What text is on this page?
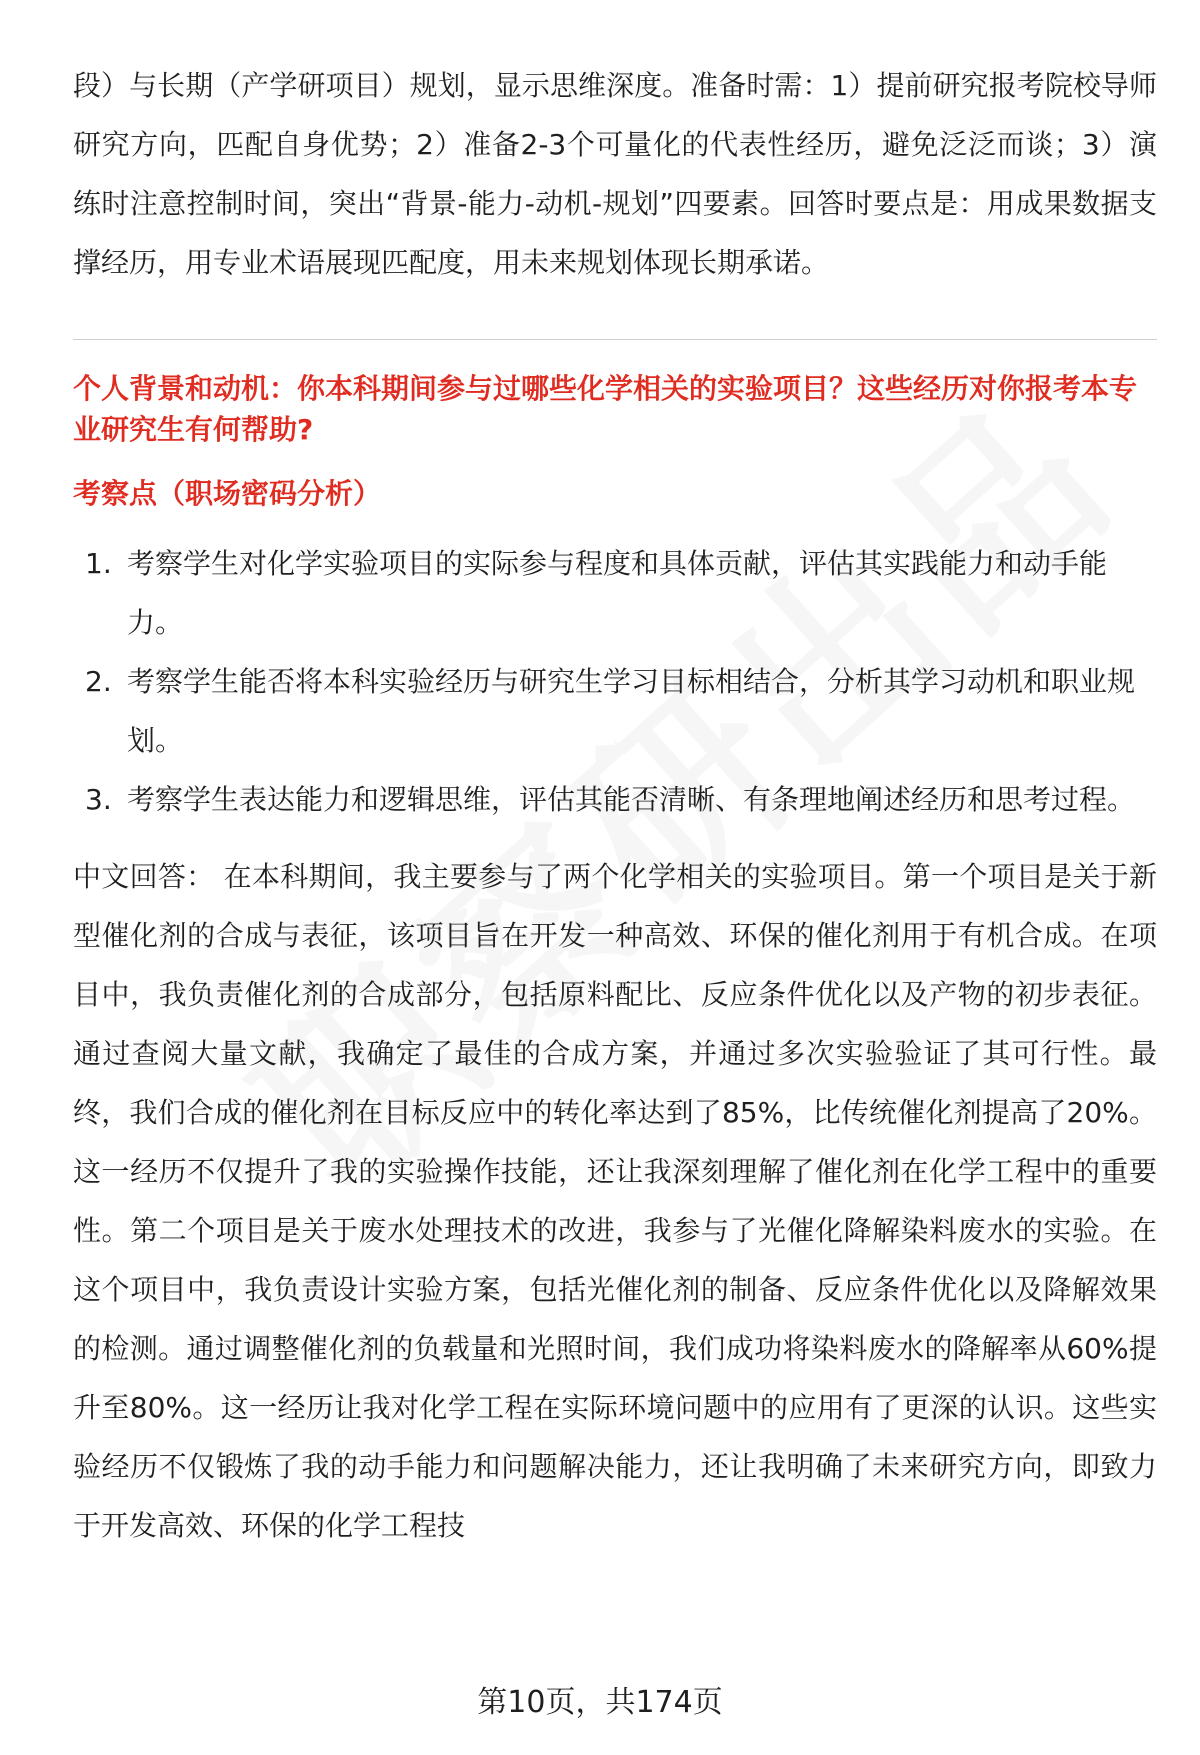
段）与长期（产学研项目）规划，显示思维深度。准备时需：1）提前研究报考院校导师研究方向，匹配自身优势；2）准备2-3个可量化的代表性经历，避免泛泛而谈；3）演练时注意控制时间，突出“背景-能力-动机-规划”四要素。回答时要点是：用成果数据支撑经历，用专业术语展现匹配度，用未来规划体现长期承诺。

个人背景和动机：你本科期间参与过哪些化学相关的实验项目？这些经历对你报考本专业研究生有何帮助?

考察点（职场密码分析）

1. 考察学生对化学实验项目的实际参与程度和具体贡献，评估其实践能力和动手能力。
2. 考察学生能否将本科实验经历与研究生学习目标相结合，分析其学习动机和职业规划。
3. 考察学生表达能力和逻辑思维，评估其能否清晰、有条理地阐述经历和思考过程。

中文回答： 在本科期间，我主要参与了两个化学相关的实验项目。第一个项目是关于新型催化剂的合成与表征，该项目旨在开发一种高效、环保的催化剂用于有机合成。在项目中，我负责催化剂的合成部分，包括原料配比、反应条件优化以及产物的初步表征。通过查阅大量文献，我确定了最佳的合成方案，并通过多次实验验证了其可行性。最终，我们合成的催化剂在目标反应中的转化率达到了85%，比传统催化剂提高了20%。这一经历不仅提升了我的实验操作技能，还让我深刻理解了催化剂在化学工程中的重要性。第二个项目是关于废水处理技术的改进，我参与了光催化降解染料废水的实验。在这个项目中，我负责设计实验方案，包括光催化剂的制备、反应条件优化以及降解效果的检测。通过调整催化剂的负载量和光照时间，我们成功将染料废水的降解率从60%提升至80%。这一经历让我对化学工程在实际环境问题中的应用有了更深的认识。这些实验经历不仅锻炼了我的动手能力和问题解决能力，还让我明确了未来研究方向，即致力于开发高效、环保的化学工程技

第10页，共174页
